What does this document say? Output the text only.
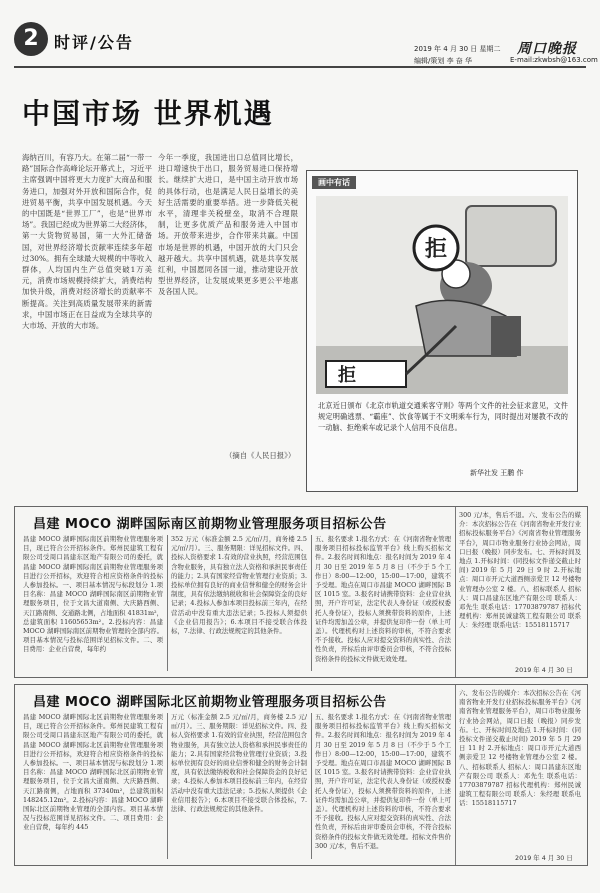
2 时评/公告	2019 年 4 月 30 日 星期二 周口晚报
编辑/策划 李 奋 华	E-mail:zkwbsh@163.com
中国市场 世界机遇
海纳百川，有容乃大。在第二届“一带一路”国际合作高峰论坛开幕式上，习近平主席强调中国将更大力度扩大商品和服务进口，加强对外开放和国际合作，促进贸易平衡，共享中国发展机遇。今天的中国既是“世界工厂”，也是“世界市场”。我国已经成为世界第二大经济体，第一大货物贸易国，第一大外汇储备国，对世界经济增长贡献率连续多年超过30%。拥有全球最大规模的中等收入群体，人均国内生产总值突破1万美元，消费市场规模持续扩大，消费结构加快升级，消费对经济增长的贡献率不断提高。关注到高质量发展带来的新需求，中国市场正在日益成为全球共享的大市场、开放的大市场。
今年一季度，我国进出口总值同比增长，进口增速快于出口，服务贸易进口保持增长。继续扩大进口，是中国主动开放市场的具体行动，也是满足人民日益增长的美好生活需要的重要举措。进一步降低关税水平，清理非关税壁垒，取消不合理限制，让更多优质产品和服务进入中国市场。开放带来进步，合作带来共赢。中国市场是世界的机遇，中国开放的大门只会越开越大。共享中国机遇，就是共享发展红利，中国愿同各国一道，推动建设开放型世界经济，让发展成果更多更公平地惠及各国人民。
（摘自《人民日报》）
画中有话
拒
拒
北京近日颁布《北京市轨道交通乘客守则》等两个文件的社会征求意见，文件规定明确逃票、“霸座”、饮食等属于不文明乘车行为，同时提出对屡教不改的一动脑、拒绝乘车或记录个人信用不良信息。
新华社发 王鹏 作
昌建 MOCO 湖畔国际南区前期物业管理服务项目招标公告
昌建 MOCO 湖畔国际南区前期物业管理服务项目，现已符合公开招标条件。郑州民建筑工程有限公司受周口昌建东区地产有限公司的委托，就昌建 MOCO 湖畔国际南区前期物业管理服务项目进行公开招标，欢迎符合相应资格条件的投标人参加投标。一、项目基本情况与标段划分 1.项目名称：昌建 MOCO 湖畔国际南区前期物业管理服务项目，位于文昌大道南侧、大庆路西侧、天江路南侧、交通路北侧，占地面积 41831m²，总建筑面积 11605653m²。2.投标内容：昌建 MOCO 湖畔国际南区前期物业管理的全部内容。项目基本情况与投标范围详见招标文件。二、项目费用：企业自营费，每年约
352 万元（标准金额 2.5 元/㎡/月，商务楼 2.5 元/㎡/月）。三、服务期限：详见招标文件。四、投标人资格要求 1.有效的营业执照，经营范围包含物业服务，具有独立法人资格和承担民事责任的能力；2.具有国家经营物业管理行业资质；3.投标单位拥有良好的商业信誉和健全的财务会计制度，具有依法缴纳税收和社会保障资金的良好记录；4.投标人参加本项目投标前三年内，在经营活动中没有重大违法记录；5.投标人须提供《企业信用报告》；6.本项目不接受联合体投标，7.法律、行政法规规定的其他条件。
五、报名要求 1.报名方式：在《河南省物业管理服务项目招标投标监管平台》线上购买招标文件。2.报名时间和地点：报名时间为 2019 年 4 月 30 日至 2019 年 5 月 8 日（不少于 5 个工作日）8:00—12:00，15:00—17:00，建筑不予受理。地点在周口市昌建 MOCO 湖畔国际 B 区 1015 室。3.报名时请携带资料：企业营业执照，开户许可证，法定代表人身份证（或授权委托人身份证），投标人须携带资料的原件，上述证件均需加盖公章，并提供复印件一份（单上可盖）。代理机构对上述资料的审核，不符合要求不予接收。投标人应对提交资料的真实性、合法性负责，开标后由评审委员会审核，不符合投标资格条件的投标文件做无效处理。
300 元/本，售后不退。六、发布公告的媒介：本次招标公告在《河南省物业开发行业招标投标服务平台》《河南省物业管理服务平台》，周口市物业服务行业协会网站，周口日报（晚报）同步发布。七、开标时间及地点 1.开标时间：(同投标文件递交截止时间) 2019 年 5 月 29 日 9 时 2.开标地点：周口市开元大道西侧亲爱卫 12 号楼物业管理办公室 2 楼。八、招标联系人 招标人：周口昌建东区地产有限公司 联系人：邓先生 联系电话：17703879787 招标代理机构：郑州民诚建筑工程有限公司 联系人：朱经理 联系电话：15518115717
2019 年 4 月 30 日
昌建 MOCO 湖畔国际北区前期物业管理服务项目招标公告
昌建 MOCO 湖畔国际北区前期物业管理服务项目，现已符合公开招标条件。郑州民建筑工程有限公司受周口昌建东区地产有限公司的委托，就昌建 MOCO 湖畔国际北区前期物业管理服务项目进行公开招标，欢迎符合相应资格条件的投标人参加投标。一、项目基本情况与标段划分 1.项目名称：昌建 MOCO 湖畔国际北区前期物业管理服务项目，位于文昌大道南侧、大庆路西侧、天江路南侧，占地面积 37340m²，总建筑面积 148245.12m²。2.投标内容：昌建 MOCO 湖畔国际北区前期物业管理的全部内容。项目基本情况与投标范围详见招标文件。二、项目费用：企业自营费，每年约 445
万元（标准金额 2.5 元/㎡/月，商务楼 2.5 元/㎡/月）。三、服务期限：详见招标文件。四、投标人资格要求 1.有效的营业执照，经营范围包含物业服务，具有独立法人资格和承担民事责任的能力；2.具有国家经营物业管理行业资质；3.投标单位拥有良好的商业信誉和健全的财务会计制度，具有依法缴纳税收和社会保障资金的良好记录；4.投标人参加本项目投标前三年内，在经营活动中没有重大违法记录；5.投标人须提供《企业信用报告》；6.本项目不接受联合体投标，7.法律、行政法规规定的其他条件。
五、报名要求 1.报名方式：在《河南省物业管理服务项目招标投标监管平台》线上购买招标文件。2.报名时间和地点：报名时间为 2019 年 4 月 30 日至 2019 年 5 月 8 日（不少于 5 个工作日）8:00—12:00，15:00—17:00，建筑不予受理。地点在周口市昌建 MOCO 湖畔国际 B 区 1015 室。3.报名时请携带资料：企业营业执照，开户许可证，法定代表人身份证（或授权委托人身份证），投标人须携带资料的原件，上述证件均需加盖公章，并提供复印件一份（单上可盖）。代理机构对上述资料的审核，不符合要求不予接收。投标人应对提交资料的真实性、合法性负责，开标后由评审委员会审核，不符合投标资格条件的投标文件做无效处理。招标文件售价 300 元/本，售后不退。
六、发布公告的媒介：本次招标公告在《河南省物业开发行业招标投标服务平台》《河南省物业管理服务平台》，周口市物业服务行业协会网站，周口日报（晚报）同步发布。七、开标时间及地点 1.开标时间：(同投标文件递交截止时间) 2019 年 5 月 29 日 11 时 2.开标地点：周口市开元大道西侧亲爱卫 12 号楼物业管理办公室 2 楼。八、招标联系人 招标人：周口昌建东区地产有限公司 联系人：邓先生 联系电话：17703879787 招标代理机构：郑州民诚建筑工程有限公司 联系人：朱经理 联系电话：15518115717
2019 年 4 月 30 日
